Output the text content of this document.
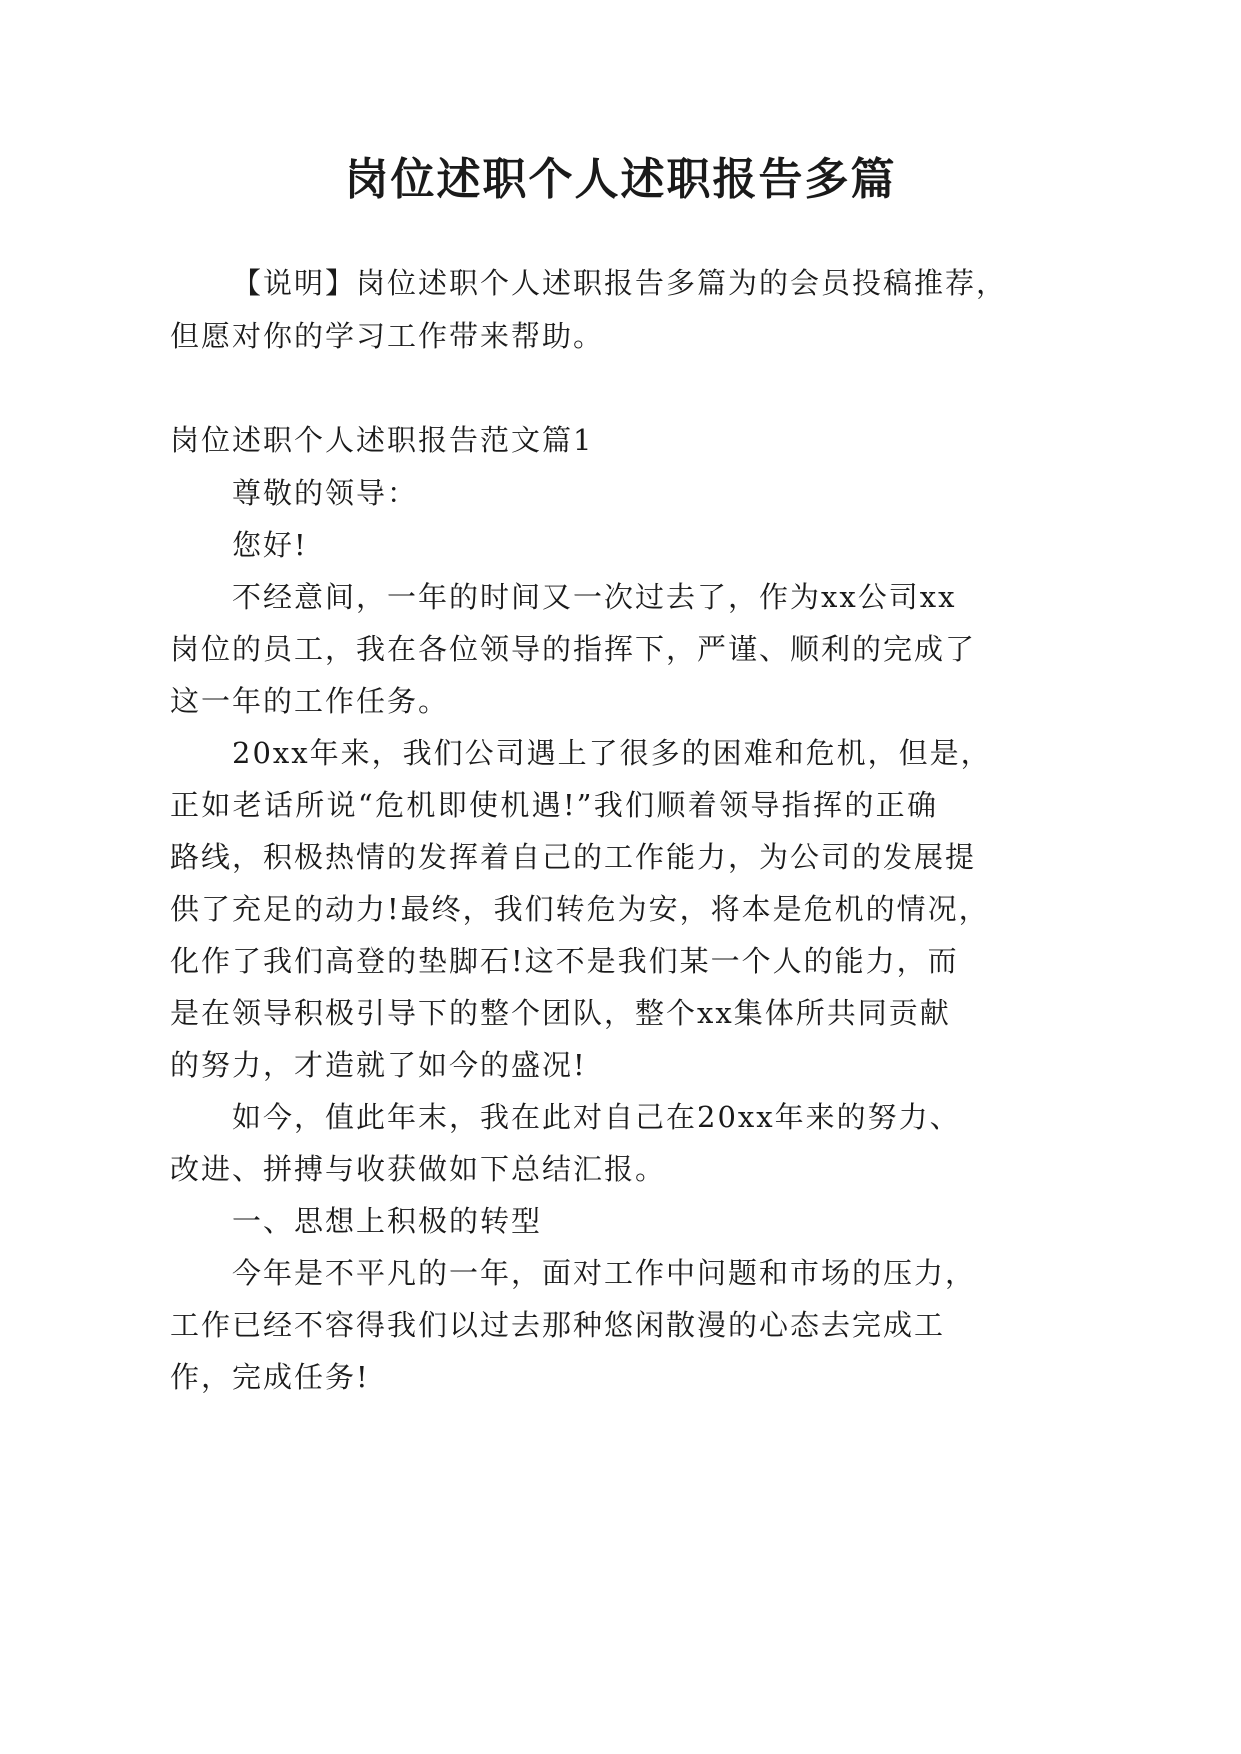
岗位述职个人述职报告多篇

【说明】岗位述职个人述职报告多篇为的会员投稿推荐，

但愿对你的学习工作带来帮助。

岗位述职个人述职报告范文篇1

尊敬的领导：

您好!

不经意间，一年的时间又一次过去了，作为xx公司xx

岗位的员工，我在各位领导的指挥下，严谨、顺利的完成了

这一年的工作任务。

20xx年来，我们公司遇上了很多的困难和危机，但是，

正如老话所说“危机即使机遇!”我们顺着领导指挥的正确

路线，积极热情的发挥着自己的工作能力，为公司的发展提

供了充足的动力!最终，我们转危为安，将本是危机的情况，

化作了我们高登的垫脚石!这不是我们某一个人的能力，而

是在领导积极引导下的整个团队，整个xx集体所共同贡献

的努力，才造就了如今的盛况!

如今，值此年末，我在此对自己在20xx年来的努力、

改进、拼搏与收获做如下总结汇报。

一、思想上积极的转型

今年是不平凡的一年，面对工作中问题和市场的压力，

工作已经不容得我们以过去那种悠闲散漫的心态去完成工

作，完成任务!
